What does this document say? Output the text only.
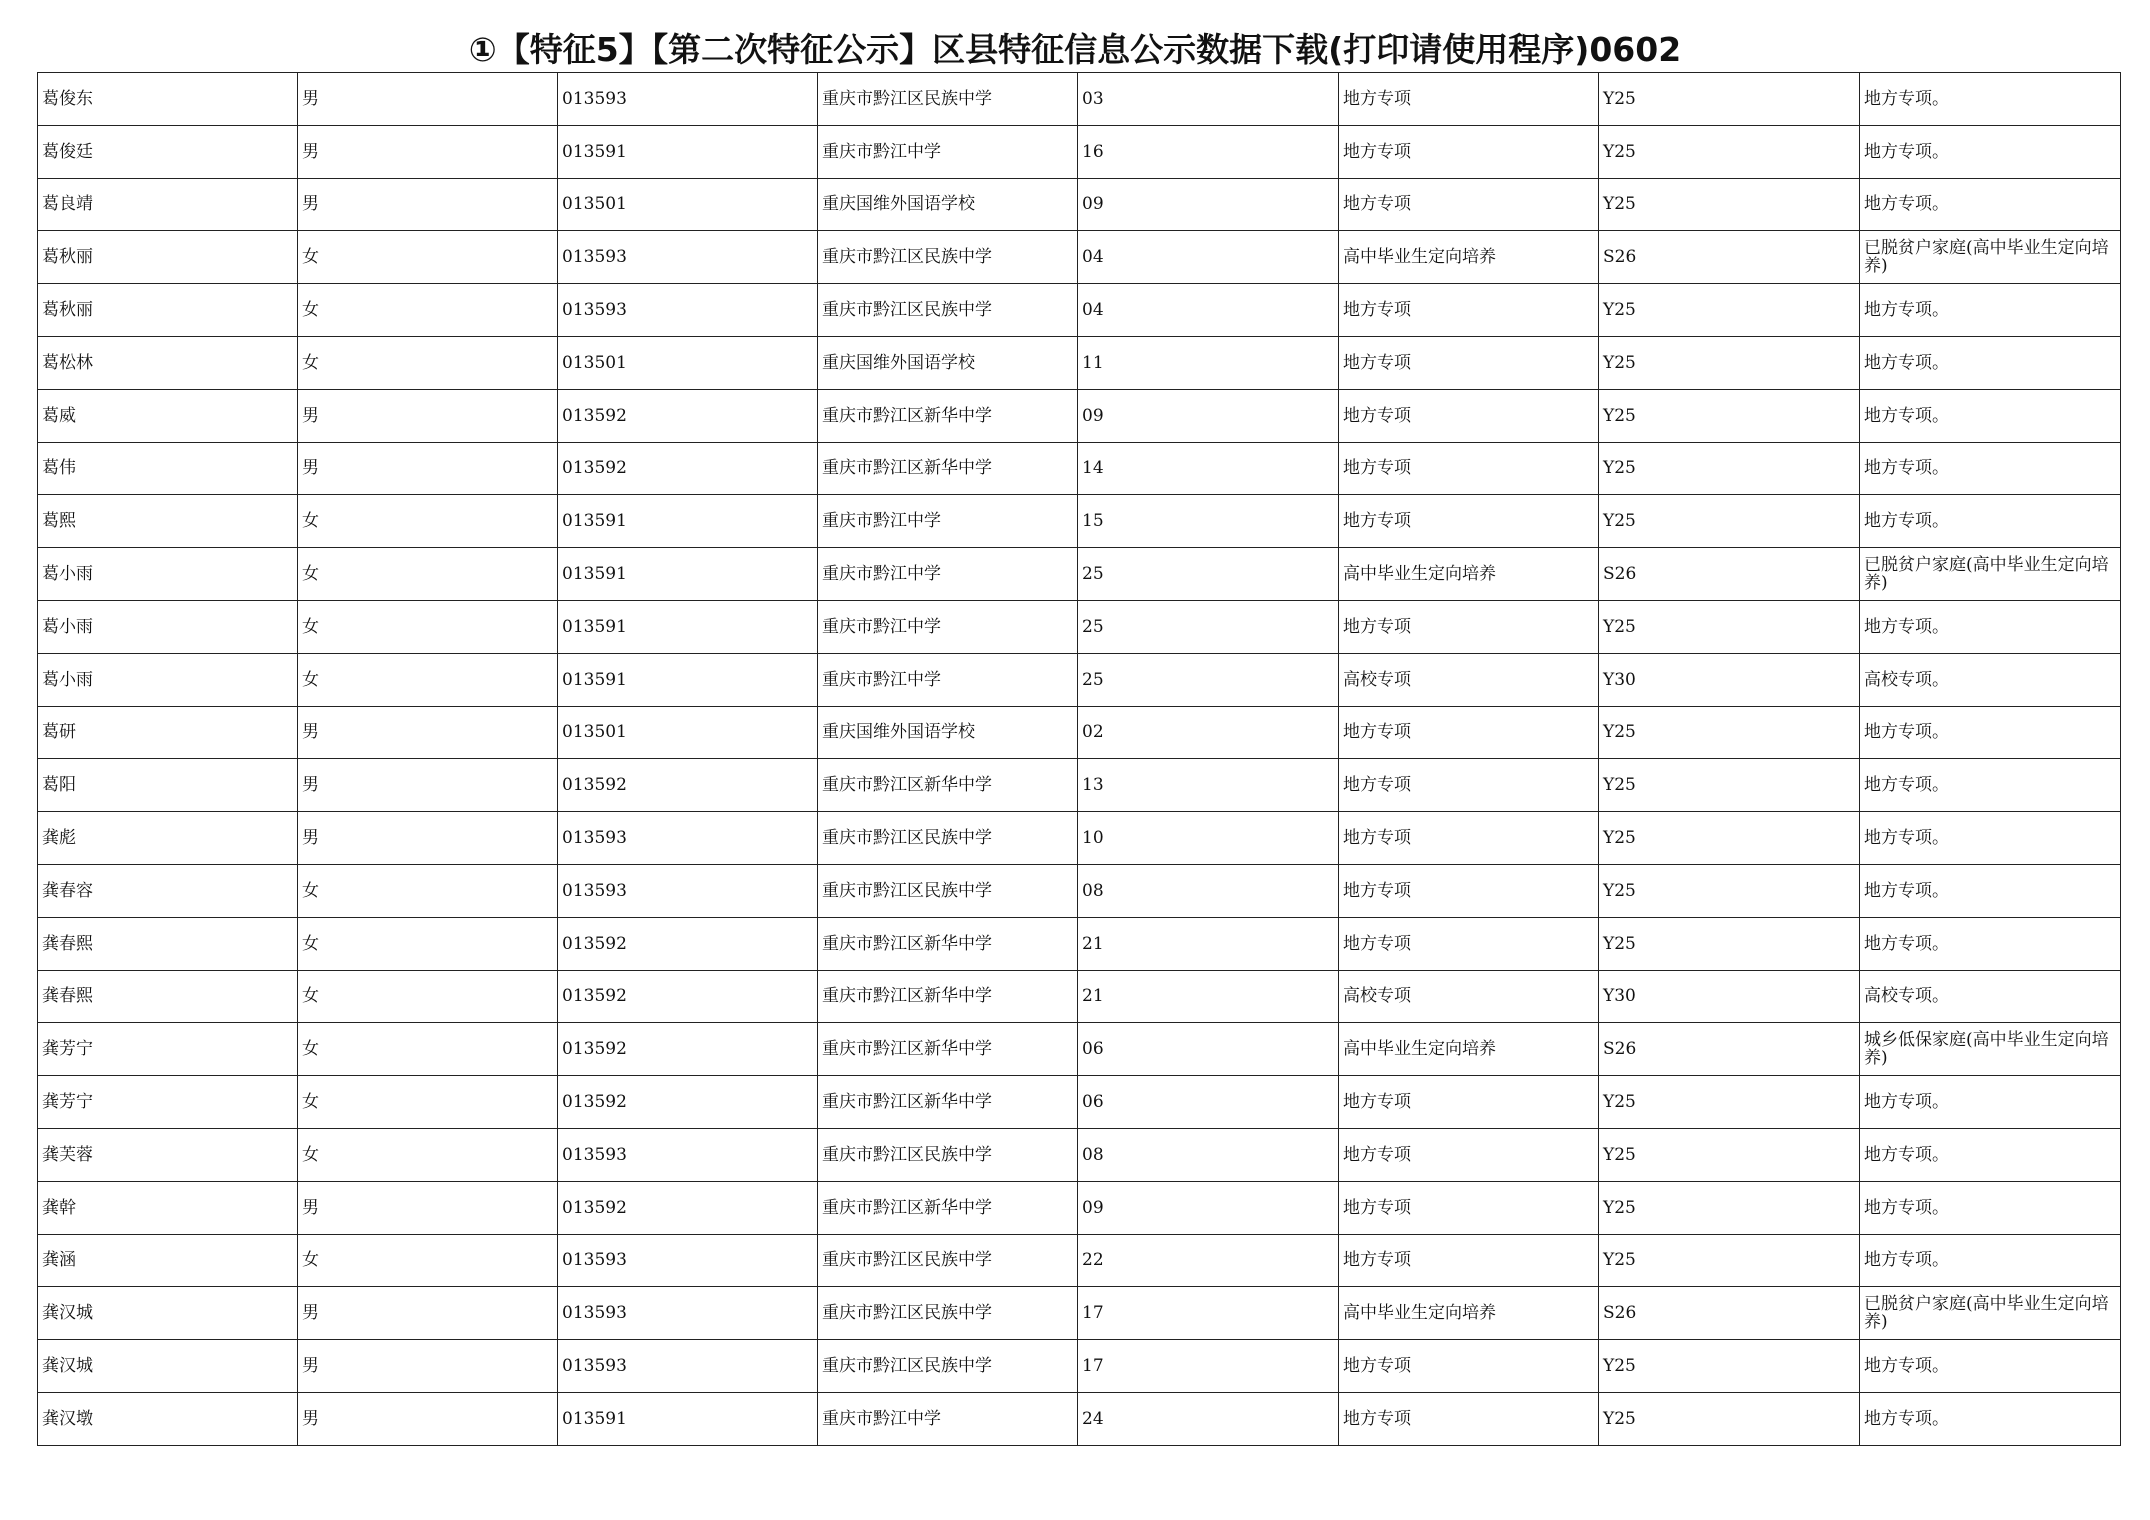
①【特征5】【第二次特征公示】区县特征信息公示数据下载(打印请使用程序)0602
葛俊东	男	013593	重庆市黔江区民族中学	03	地方专项	Y25	地方专项。
葛俊廷	男	013591	重庆市黔江中学	16	地方专项	Y25	地方专项。
葛良靖	男	013501	重庆国维外国语学校	09	地方专项	Y25	地方专项。
葛秋丽	女	013593	重庆市黔江区民族中学	04	高中毕业生定向培养	S26	已脱贫户家庭(高中毕业生定向培养)
葛秋丽	女	013593	重庆市黔江区民族中学	04	地方专项	Y25	地方专项。
葛松林	女	013501	重庆国维外国语学校	11	地方专项	Y25	地方专项。
葛威	男	013592	重庆市黔江区新华中学	09	地方专项	Y25	地方专项。
葛伟	男	013592	重庆市黔江区新华中学	14	地方专项	Y25	地方专项。
葛熙	女	013591	重庆市黔江中学	15	地方专项	Y25	地方专项。
葛小雨	女	013591	重庆市黔江中学	25	高中毕业生定向培养	S26	已脱贫户家庭(高中毕业生定向培养)
葛小雨	女	013591	重庆市黔江中学	25	地方专项	Y25	地方专项。
葛小雨	女	013591	重庆市黔江中学	25	高校专项	Y30	高校专项。
葛研	男	013501	重庆国维外国语学校	02	地方专项	Y25	地方专项。
葛阳	男	013592	重庆市黔江区新华中学	13	地方专项	Y25	地方专项。
龚彪	男	013593	重庆市黔江区民族中学	10	地方专项	Y25	地方专项。
龚春容	女	013593	重庆市黔江区民族中学	08	地方专项	Y25	地方专项。
龚春熙	女	013592	重庆市黔江区新华中学	21	地方专项	Y25	地方专项。
龚春熙	女	013592	重庆市黔江区新华中学	21	高校专项	Y30	高校专项。
龚芳宁	女	013592	重庆市黔江区新华中学	06	高中毕业生定向培养	S26	城乡低保家庭(高中毕业生定向培养)
龚芳宁	女	013592	重庆市黔江区新华中学	06	地方专项	Y25	地方专项。
龚芙蓉	女	013593	重庆市黔江区民族中学	08	地方专项	Y25	地方专项。
龚幹	男	013592	重庆市黔江区新华中学	09	地方专项	Y25	地方专项。
龚涵	女	013593	重庆市黔江区民族中学	22	地方专项	Y25	地方专项。
龚汉城	男	013593	重庆市黔江区民族中学	17	高中毕业生定向培养	S26	已脱贫户家庭(高中毕业生定向培养)
龚汉城	男	013593	重庆市黔江区民族中学	17	地方专项	Y25	地方专项。
龚汉墩	男	013591	重庆市黔江中学	24	地方专项	Y25	地方专项。
